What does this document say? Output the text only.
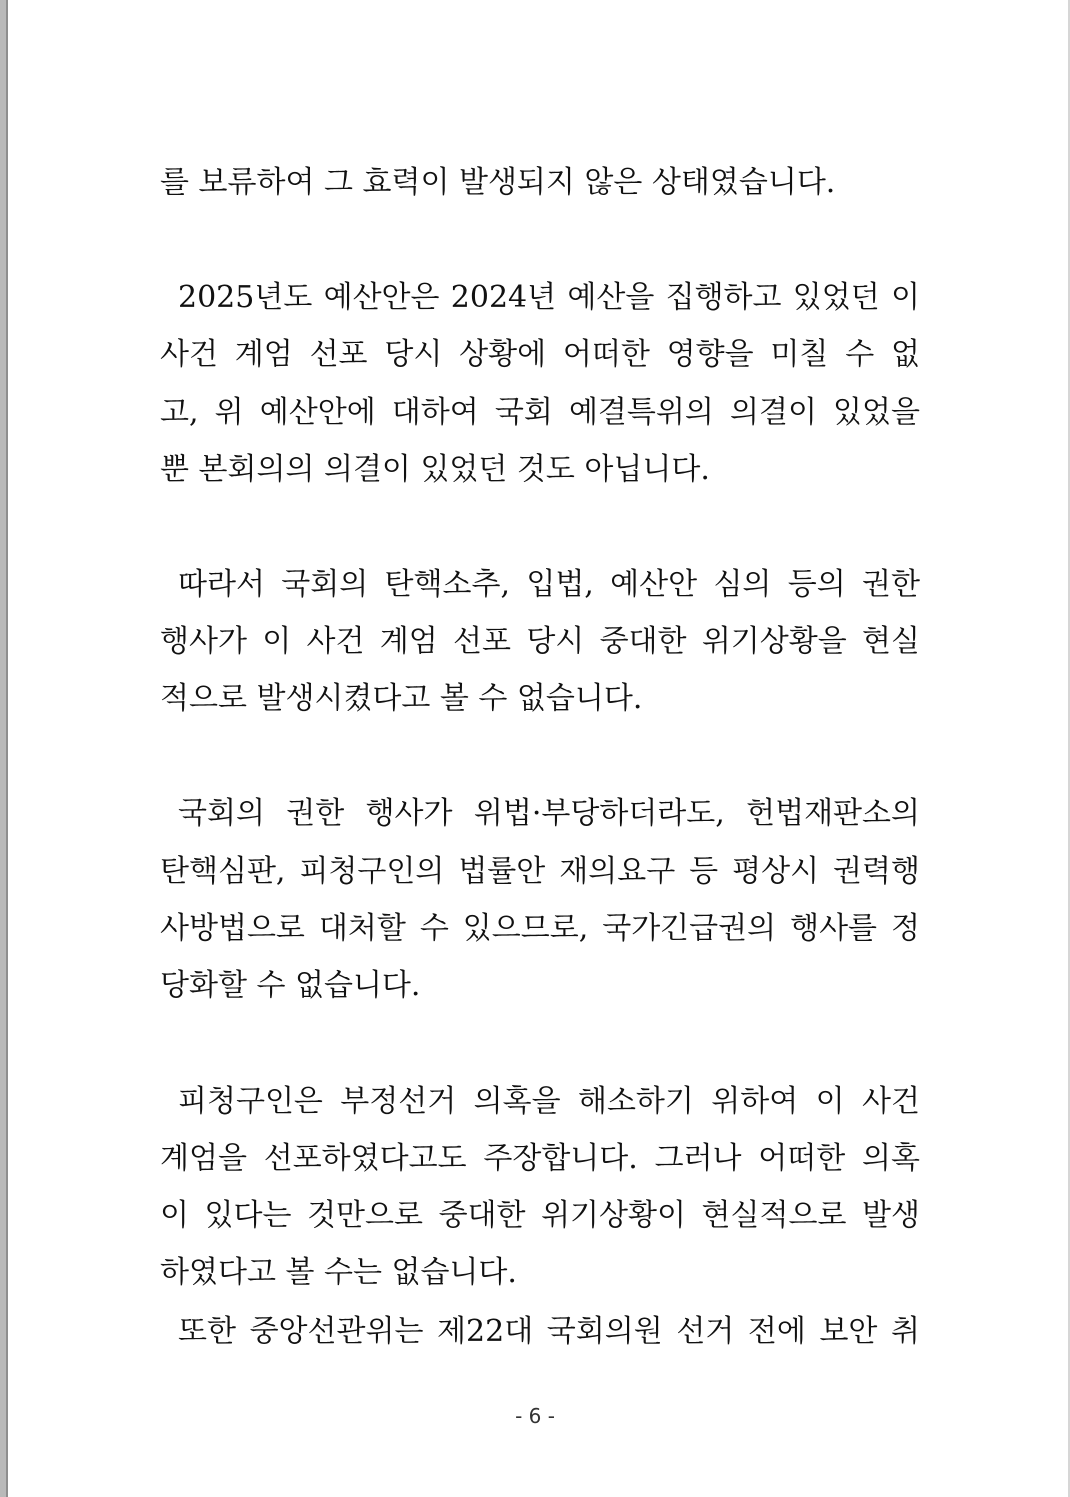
를 보류하여 그 효력이 발생되지 않은 상태였습니다.
2025년도 예산안은 2024년 예산을 집행하고 있었던 이
사건 계엄 선포 당시 상황에 어떠한 영향을 미칠 수 없
고, 위 예산안에 대하여 국회 예결특위의 의결이 있었을
뿐 본회의의 의결이 있었던 것도 아닙니다.
따라서 국회의 탄핵소추, 입법, 예산안 심의 등의 권한
행사가 이 사건 계엄 선포 당시 중대한 위기상황을 현실
적으로 발생시켰다고 볼 수 없습니다.
국회의 권한 행사가 위법·부당하더라도, 헌법재판소의
탄핵심판, 피청구인의 법률안 재의요구 등 평상시 권력행
사방법으로 대처할 수 있으므로, 국가긴급권의 행사를 정
당화할 수 없습니다.
피청구인은 부정선거 의혹을 해소하기 위하여 이 사건
계엄을 선포하였다고도 주장합니다. 그러나 어떠한 의혹
이 있다는 것만으로 중대한 위기상황이 현실적으로 발생
하였다고 볼 수는 없습니다.
또한 중앙선관위는 제22대 국회의원 선거 전에 보안 취
- 6 -
